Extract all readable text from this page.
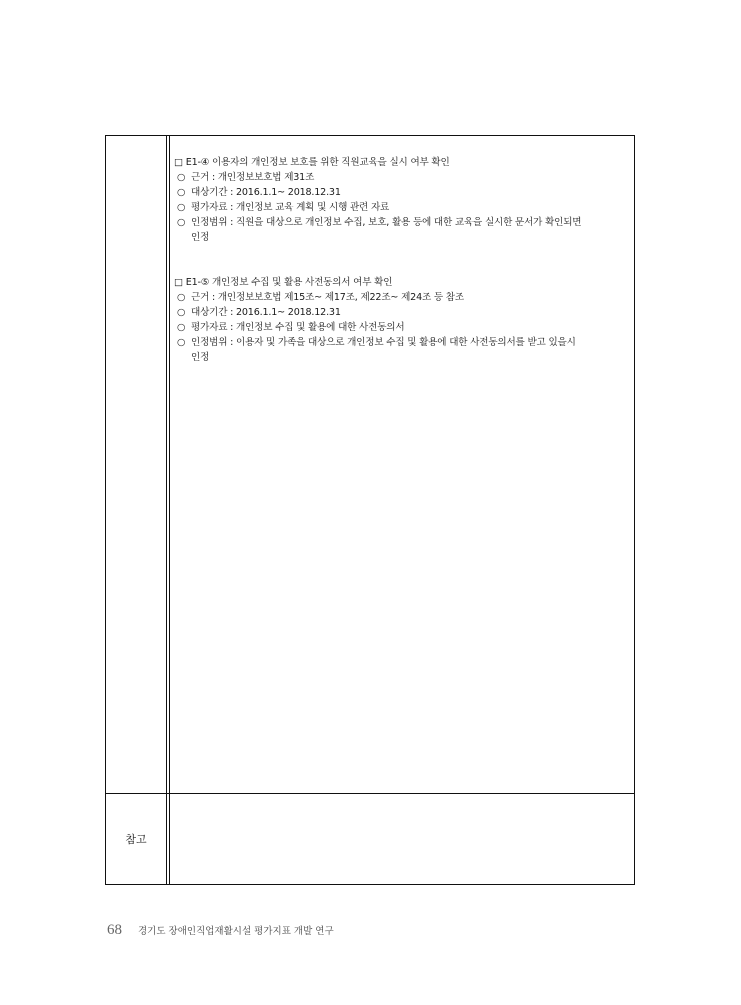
□ E1-④ 이용자의 개인정보 보호를 위한 직원교육을 실시 여부 확인
○ 근거 : 개인정보보호법 제31조
○ 대상기간 : 2016.1.1~ 2018.12.31
○ 평가자료 : 개인정보 교육 계획 및 시행 관련 자료
○ 인정범위 : 직원을 대상으로 개인정보 수집, 보호, 활용 등에 대한 교육을 실시한 문서가 확인되면
인정
□ E1-⑤ 개인정보 수집 및 활용 사전동의서 여부 확인
○ 근거 : 개인정보보호법 제15조~ 제17조, 제22조~ 제24조 등 참조
○ 대상기간 : 2016.1.1~ 2018.12.31
○ 평가자료 : 개인정보 수집 및 활용에 대한 사전동의서
○ 인정범위 : 이용자 및 가족을 대상으로 개인정보 수집 및 활용에 대한 사전동의서를 받고 있을시
인정
참고
68 경기도 장애인직업재활시설 평가지표 개발 연구
